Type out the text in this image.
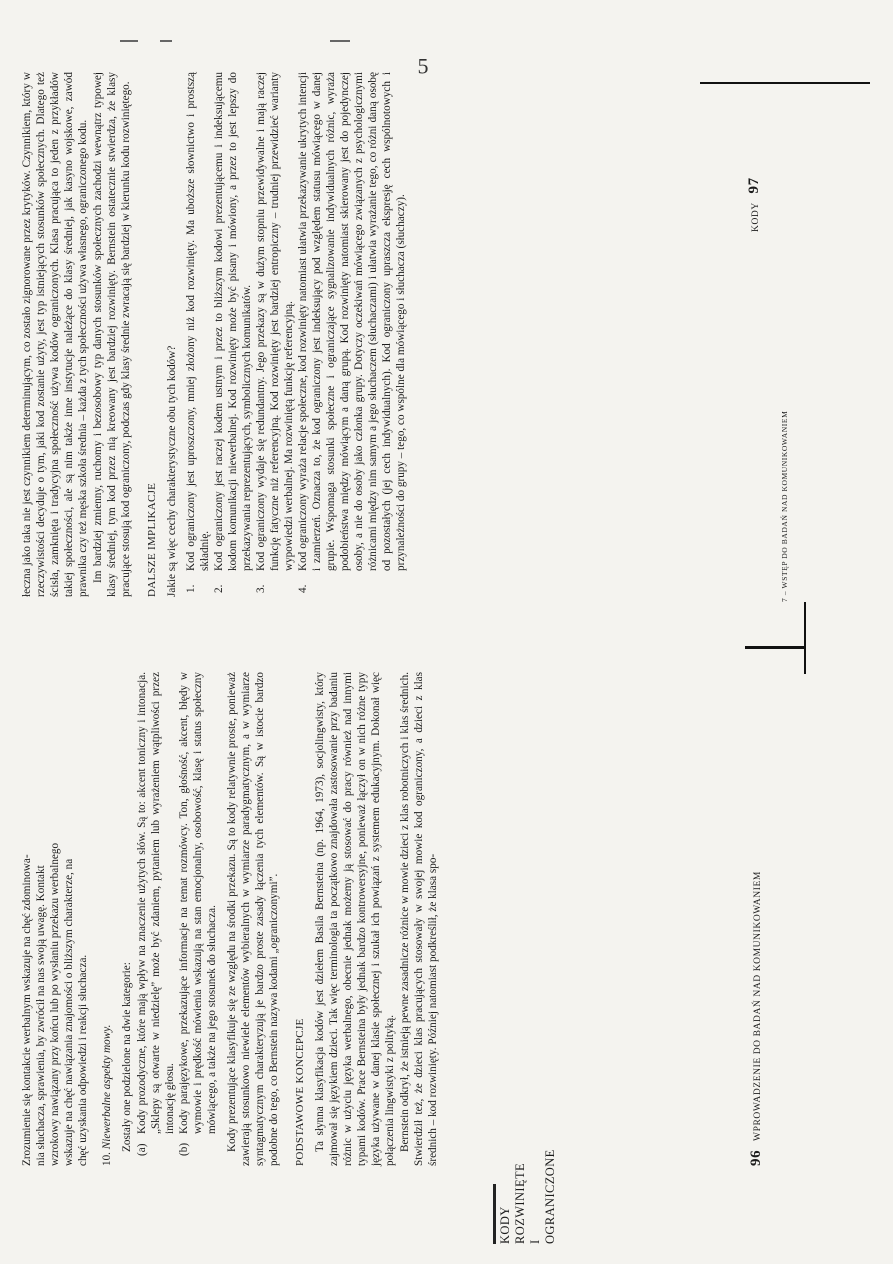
Zrozumienie się kontakcie werbalnym wskazuje na chęć zdominowa- nia słuchacza, sprawienia, by zwrócił na nas swoją uwagę. Kontakt wzrokowy nawiązany przy końcu lub po wysłaniu przekazu werbalnego wskazuje na chęć nawiązania znajomości o bliższym charakterze, na chęć uzyskania odpowiedzi i reakcji słuchacza. 10. Niewerbalne aspekty mowy. Zostały one podzielone na dwie kategorie: (a)
Kody prozodyczne, które mają wpływ na znaczenie użytych słów. Są to: akcent toniczny i intonacja. „Sklepy są otwarte w niedzielę” może być zdaniem, pytaniem lub wyrażeniem wątpliwości przez intonację głosu.
(b)
Kody parajęzykowe, przekazujące informacje na temat rozmówcy. Ton, głośność, akcent, błędy w wymowie i prędkość mówienia wskazują na stan emocjonalny, osobowość, klasę i status społeczny mówiącego, a także na jego stosunek do słuchacza. Kody prezentujące klasyfikuje się ze względu na środki przekazu. Są to kody relatywnie proste, ponieważ zawierają stosunkowo niewiele elementów wybieralnych w wymiarze paradygmatycznym, a w wymiarze syntagmatycznym charakteryzują je bardzo proste zasady łączenia tych elementów. Są w istocie bardzo podobne do tego, co Bernstein nazywa kodami „ograniczonymi”. PODSTAWOWE KONCEPCJE Ta słynna klasyfikacja kodów jest dziełem Basila Bernsteina (np. 1964, 1973), socjolingwisty, który zajmował się językiem dzieci. Tak więc terminologia ta początkowo znajdowała zastosowanie przy badaniu różnic w użyciu języka werbalnego, obecnie jednak możemy ją stosować do pracy również nad innymi typami kodów. Prace Bernsteina były jednak bardzo kontrowersyjne, ponieważ łączył on w nich różne typy języka używane w danej klasie społecznej i szukał ich powiązań z systemem edukacyjnym. Dokonał więc połączenia lingwistyki z polityką. Bernstein odkrył, że istnieją pewne zasadnicze różnice w mowie dzieci z klas robotniczych i klas średnich. Stwierdził też, że dzieci klas pracujących stosowały w swojej mowie kod ograniczony, a dzieci z klas średnich – kod rozwinięty. Później natomiast podkreślił, że klasa spo-

KODY ROZWINIĘTE I OGRANICZONE	96 WPROWADZENIE DO BADAŃ NAD KOMUNIKOWANIEM

łeczna jako taka nie jest czynnikiem determinującym, co zostało zignorowane przez krytyków. Czynnikiem, który w rzeczywistości decyduje o tym, jaki kod zostanie użyty, jest typ istniejących stosunków społecznych. Dlatego też ścisła, zamknięta i tradycyjna społeczność używa kodów ograniczonych. Klasa pracująca to jeden z przykładów takiej społeczności, ale są nim także inne instytucje należące do klasy średniej, jak kasyno wojskowe, zawód prawnika czy też męska szkoła średnia – każda z tych społeczności używa własnego, ograniczonego kodu. Im bardziej zmienny, ruchomy i bezosobowy typ danych stosunków społecznych zachodzi wewnątrz typowej klasy średniej, tym kod przez nią kreowany jest bardziej rozwinięty. Bernstein ostatecznie stwierdza, że klasy pracujące stosują kod ograniczony, podczas gdy klasy średnie zwracają się bardziej w kierunku kodu rozwiniętego. DALSZE IMPLIKACJE Jakie są więc cechy charakterystyczne obu tych kodów? 1.
Kod ograniczony jest uproszczony, mniej złożony niż kod rozwinięty. Ma uboższe słownictwo i prostszą składnię.
2.
Kod ograniczony jest raczej kodem ustnym i przez to bliższym kodowi prezentującemu i indeksującemu kodom komunikacji niewerbalnej. Kod rozwinięty może być pisany i mówiony, a przez to jest lepszy do przekazywania reprezentujących, symbolicznych komunikatów.
3.
Kod ograniczony wydaje się redundantny. Jego przekazy są w dużym stopniu przewidywalne i mają raczej funkcję fatyczne niż referencyjną. Kod rozwinięty jest bardziej entropiczny – trudniej przewidzieć warianty wypowiedzi werbalnej. Ma rozwiniętą funkcję referencyjną.
4.
Kod ograniczony wyraża relacje społeczne, kod rozwinięty natomiast ułatwia przekazywanie ukrytych intencji i zamierzeń. Oznacza to, że kod ograniczony jest indeksujący pod względem statusu mówiącego w danej grupie. Wspomaga stosunki społeczne i ograniczające sygnalizowanie indywidualnych różnic, wyraża podobieństwa między mówiącym a daną grupą. Kod rozwinięty natomiast skierowany jest do pojedynczej osoby, a nie do osoby jako członka grupy. Dotyczy oczekiwań mówiącego związanych z psychologicznymi różnicami między nim samym a jego słuchaczem (słuchaczami) i ułatwia wyrażanie tego, co różni daną osobę od pozostałych (jej cech indywidualnych). Kod ograniczony upraszcza ekspresję cech wspólnotowych i przynależności do grupy – tego, co wspólne dla mówiącego i słuchacza (słuchaczy).	KODY 97
7 – WSTĘP DO BADAŃ NAD KOMUNIKOWANIEM
5
